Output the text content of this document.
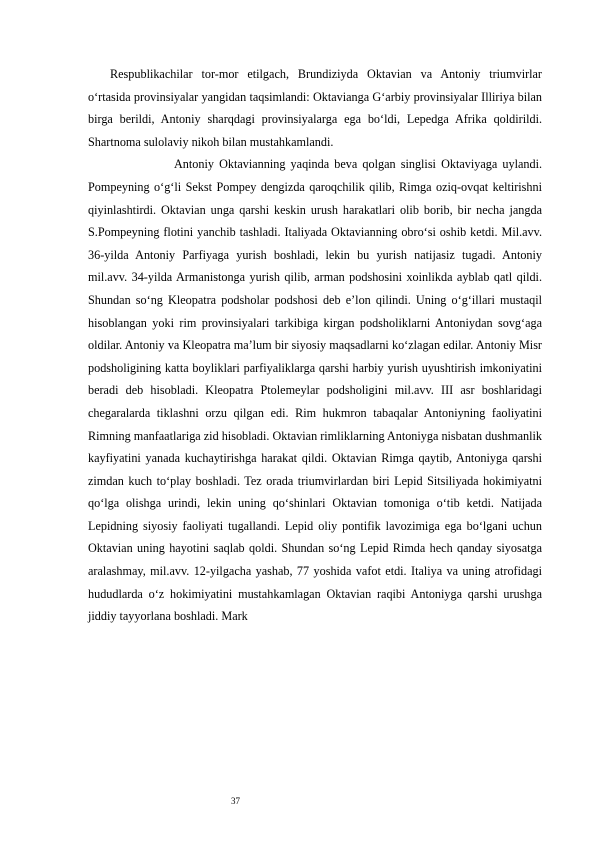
Respublikachilar tor-mor etilgach, Brundiziyda Oktavian va Antoniy triumvirlar o‘rtasida provinsiyalar yangidan taqsimlandi: Oktavianga G‘arbiy provinsiyalar Illiriya bilan birga berildi, Antoniy sharqdagi provinsiyalarga ega bo‘ldi, Lepedga Afrika qoldirildi. Shartnoma sulolaviy nikoh bilan mustahkamlandi.

Antoniy Oktavianning yaqinda beva qolgan singlisi Oktaviyaga uylandi. Pompeyning o‘g‘li Sekst Pompey dengizda qaroqchilik qilib, Rimga oziq-ovqat keltirishni qiyinlashtirdi. Oktavian unga qarshi keskin urush harakatlari olib borib, bir necha jangda S.Pompeyning flotini yanchib tashladi. Italiyada Oktavianning obro‘si oshib ketdi. Mil.avv. 36-yilda Antoniy Parfiyaga yurish boshladi, lekin bu yurish natijasiz tugadi. Antoniy mil.avv. 34-yilda Armanistonga yurish qilib, arman podshosini xoinlikda ayblab qatl qildi. Shundan so‘ng Kleopatra podsholar podshosi deb e’lon qilindi. Uning o‘g‘illari mustaqil hisoblangan yoki rim provinsiyalari tarkibiga kirgan podsholiklarni Antoniydan sovg‘aga oldilar. Antoniy va Kleopatra ma’lum bir siyosiy maqsadlarni ko‘zlagan edilar. Antoniy Misr podsholigining katta boyliklari parfiyaliklarga qarshi harbiy yurish uyushtirish imkoniyatini beradi deb hisobladi. Kleopatra Ptolemeylar podsholigini mil.avv. III asr boshlaridagi chegaralarda tiklashni orzu qilgan edi. Rim hukmron tabaqalar Antoniyning faoliyatini Rimning manfaatlariga zid hisobladi. Oktavian rimliklarning Antoniyga nisbatan dushmanlik kayfiyatini yanada kuchaytirishga harakat qildi. Oktavian Rimga qaytib, Antoniyga qarshi zimdan kuch to‘play boshladi. Tez orada triumvirlardan biri Lepid Sitsiliyada hokimiyatni qo‘lga olishga urindi, lekin uning qo‘shinlari Oktavian tomoniga o‘tib ketdi. Natijada Lepidning siyosiy faoliyati tugallandi. Lepid oliy pontifik lavozimiga ega bo‘lgani uchun Oktavian uning hayotini saqlab qoldi. Shundan so‘ng Lepid Rimda hech qanday siyosatga aralashmay, mil.avv. 12-yilgacha yashab, 77 yoshida vafot etdi. Italiya va uning atrofidagi hududlarda o‘z hokimiyatini mustahkamlagan Oktavian raqibi Antoniyga qarshi urushga jiddiy tayyorlana boshladi. Mark

37
